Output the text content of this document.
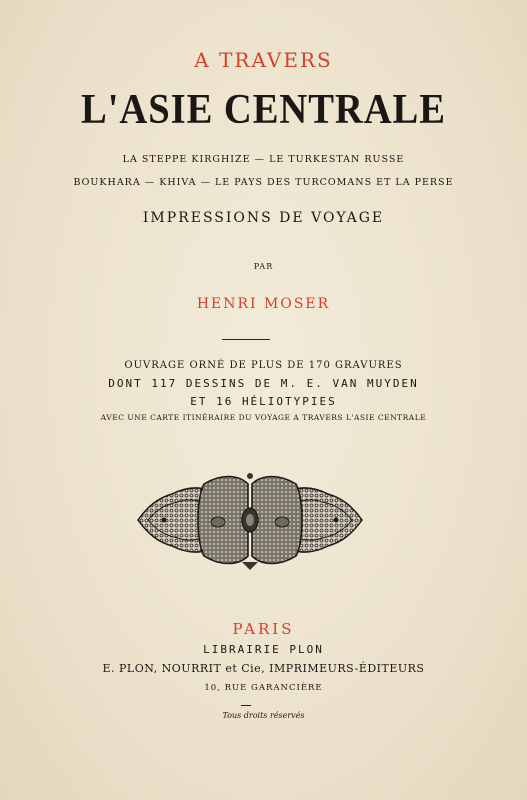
A TRAVERS
L'ASIE CENTRALE
LA STEPPE KIRGHIZE — LE TURKESTAN RUSSE
BOUKHARA — KHIVA — LE PAYS DES TURCOMANS ET LA PERSE
IMPRESSIONS DE VOYAGE
PAR
HENRI MOSER
OUVRAGE ORNÉ DE PLUS DE 170 GRAVURES
DONT 117 DESSINS DE M. E. VAN MUYDEN
ET 16 HÉLIOTYPIES
AVEC UNE CARTE ITINÉRAIRE DU VOYAGE A TRAVERS L'ASIE CENTRALE
PARIS
LIBRAIRIE PLON
E. PLON, NOURRIT et Cie, IMPRIMEURS-ÉDITEURS
10, RUE GARANCIÈRE
Tous droits réservés
